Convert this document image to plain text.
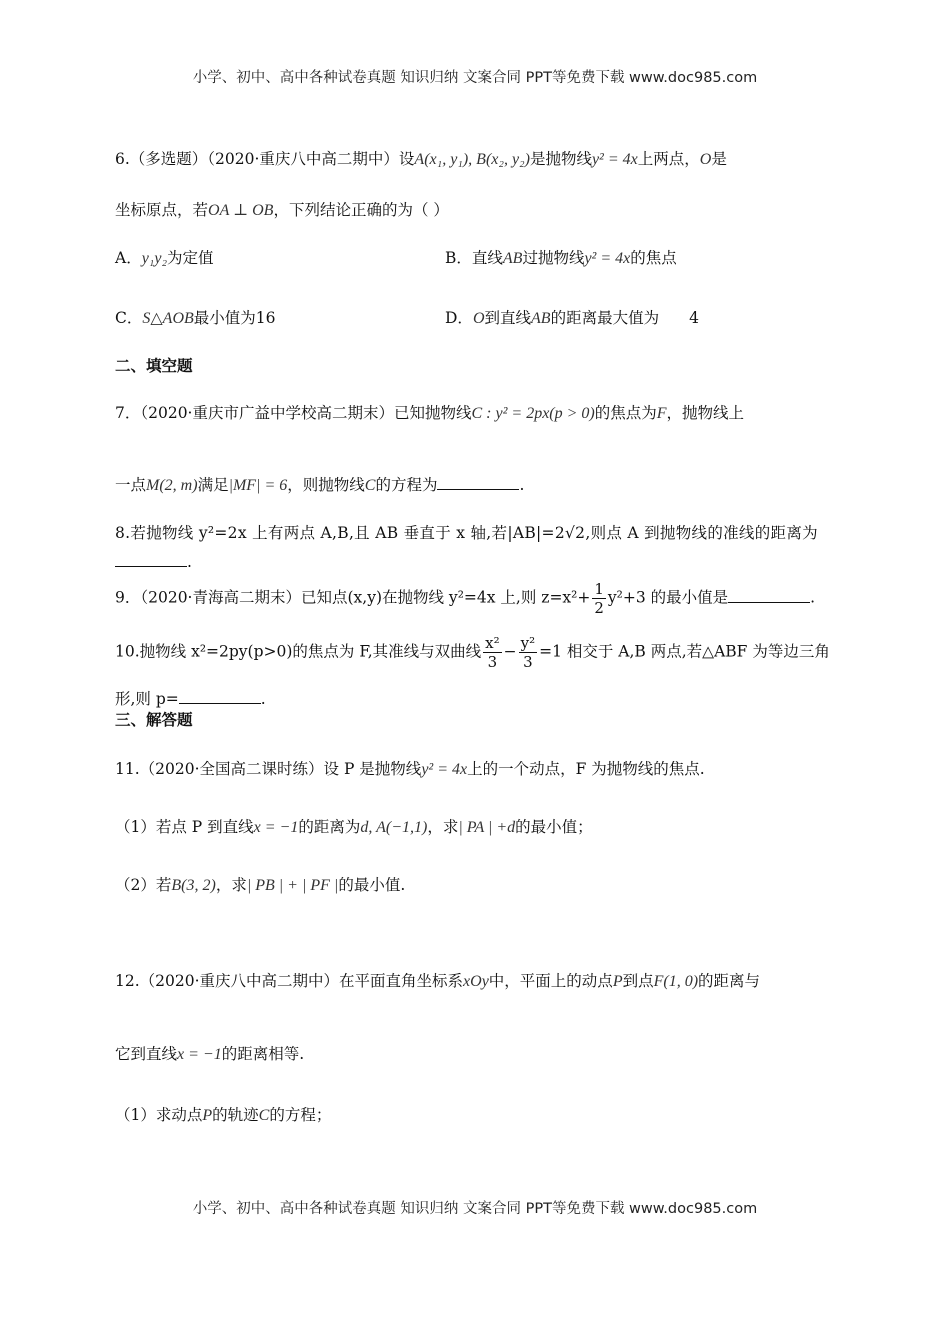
小学、初中、高中各种试卷真题 知识归纳 文案合同 PPT等免费下载 www.doc985.com
6.（多选题）（2020·重庆八中高二期中）设A(x₁, y₁), B(x₂, y₂)是抛物线y² = 4x上两点，O是
坐标原点，若OA ⊥ OB，下列结论正确的为（ ）
A．y₁y₂为定值	B．直线AB过抛物线y² = 4x的焦点
C．S△AOB最小值为16	D．O到直线AB的距离最大值为 4
二、填空题
7．（2020·重庆市广益中学校高二期末）已知抛物线C : y² = 2px(p > 0)的焦点为F，抛物线上
一点M(2, m)满足|MF| = 6，则抛物线C的方程为	.
8.若抛物线 y²=2x 上有两点 A,B,且 AB 垂直于 x 轴,若|AB|=2√2,则点 A 到抛物线的准线的距离为
.
9．（2020·青海高二期末）已知点(x,y)在抛物线 y²=4x 上,则 $z=x^2+ \frac{1}{2} y^2+3$ 的最小值是	.
10.抛物线 x²=2py(p>0)的焦点为 F,其准线与双曲线 $\frac{\text{x²}}{3} - \frac{\text{y²}}{3} =1$ 相交于 A,B 两点,若△ABF 为等边三角
形,则 p=	.
三、解答题
11.（2020·全国高二课时练）设 P 是抛物线y² = 4x上的一个动点，F 为抛物线的焦点.
（1）若点 P 到直线x = −1的距离为d, A(−1,1)，求| PA | +d的最小值；
（2）若B(3, 2)，求| PB | + | PF |的最小值.
12.（2020·重庆八中高二期中）在平面直角坐标系xOy中，平面上的动点P到点F(1, 0)的距离与
它到直线x = −1的距离相等.
（1）求动点P的轨迹C的方程；
小学、初中、高中各种试卷真题 知识归纳 文案合同 PPT等免费下载 www.doc985.com
